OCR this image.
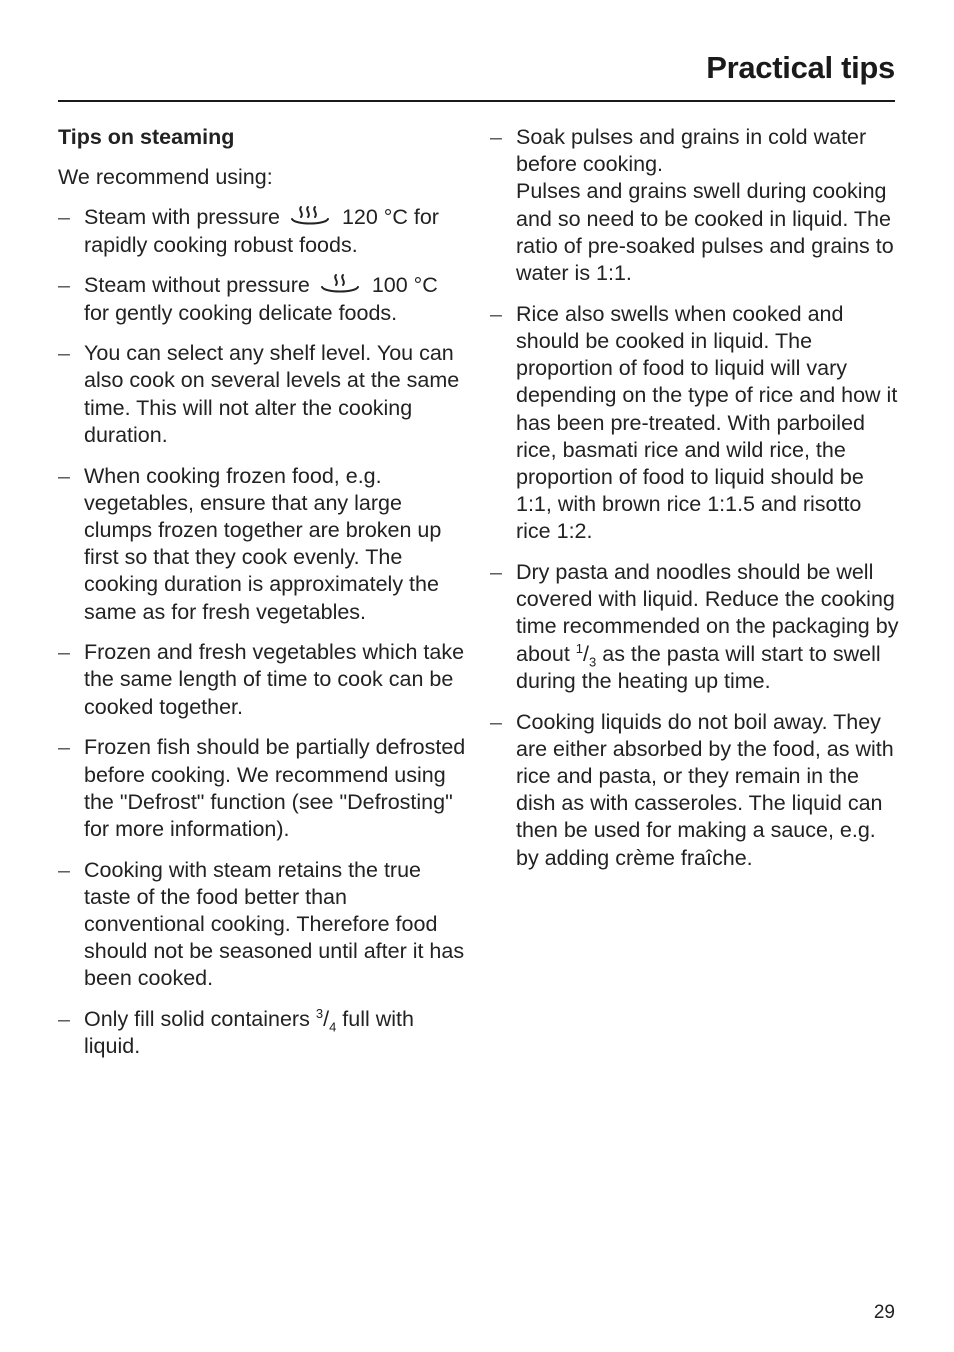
Practical tips
Tips on steaming

We recommend using:

– Steam with pressure	120 °C for rapidly cooking robust foods.
– Steam without pressure	100 °C for gently cooking delicate foods.
– You can select any shelf level. You can also cook on several levels at the same time. This will not alter the cooking duration.
– When cooking frozen food, e.g. vegetables, ensure that any large clumps frozen together are broken up first so that they cook evenly. The cooking duration is approximately the same as for fresh vegetables.
– Frozen and fresh vegetables which take the same length of time to cook can be cooked together.
– Frozen fish should be partially defrosted before cooking. We recommend using the "Defrost" function (see "Defrosting" for more information).
– Cooking with steam retains the true taste of the food better than conventional cooking. Therefore food should not be seasoned until after it has been cooked.
– Only fill solid containers $^3/_4$ full with liquid.
– Soak pulses and grains in cold water before cooking.
Pulses and grains swell during cooking and so need to be cooked in liquid. The ratio of pre-soaked pulses and grains to water is 1:1.
– Rice also swells when cooked and should be cooked in liquid. The proportion of food to liquid will vary depending on the type of rice and how it has been pre-treated. With parboiled rice, basmati rice and wild rice, the proportion of food to liquid should be 1:1, with brown rice 1:1.5 and risotto rice 1:2.
– Dry pasta and noodles should be well covered with liquid. Reduce the cooking time recommended on the packaging by about $^1/_3$ as the pasta will start to swell during the heating up time.
– Cooking liquids do not boil away. They are either absorbed by the food, as with rice and pasta, or they remain in the dish as with casseroles. The liquid can then be used for making a sauce, e.g. by adding crème fraîche.
29
